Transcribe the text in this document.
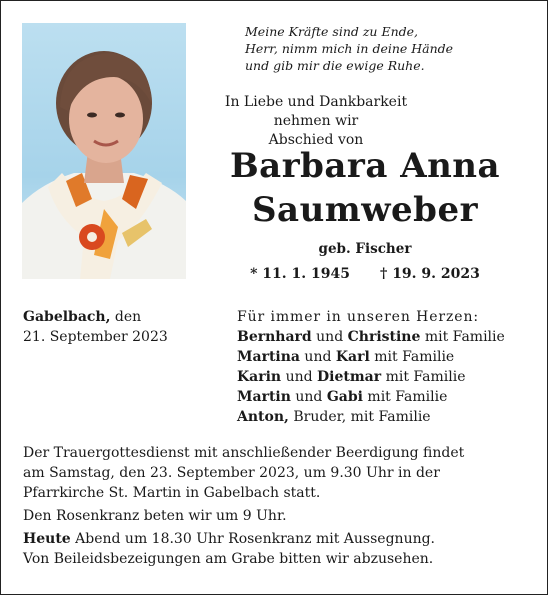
Meine Kräfte sind zu Ende,
Herr, nimm mich in deine Hände
und gib mir die ewige Ruhe.
In Liebe und Dankbarkeit nehmen wir
Abschied von
Barbara Anna
Saumweber
geb. Fischer
* 11. 1. 1945 † 19. 9. 2023
Gabelbach, den
21. September 2023
Für immer in unseren Herzen:
Bernhard und Christine mit Familie
Martina und Karl mit Familie
Karin und Dietmar mit Familie
Martin und Gabi mit Familie
Anton, Bruder, mit Familie

Der Trauergottesdienst mit anschließender Beerdigung findet
am Samstag, den 23. September 2023, um 9.30 Uhr in der
Pfarrkirche St. Martin in Gabelbach statt.

Den Rosenkranz beten wir um 9 Uhr.

Heute Abend um 18.30 Uhr Rosenkranz mit Aussegnung.

Von Beileidsbezeigungen am Grabe bitten wir abzusehen.
